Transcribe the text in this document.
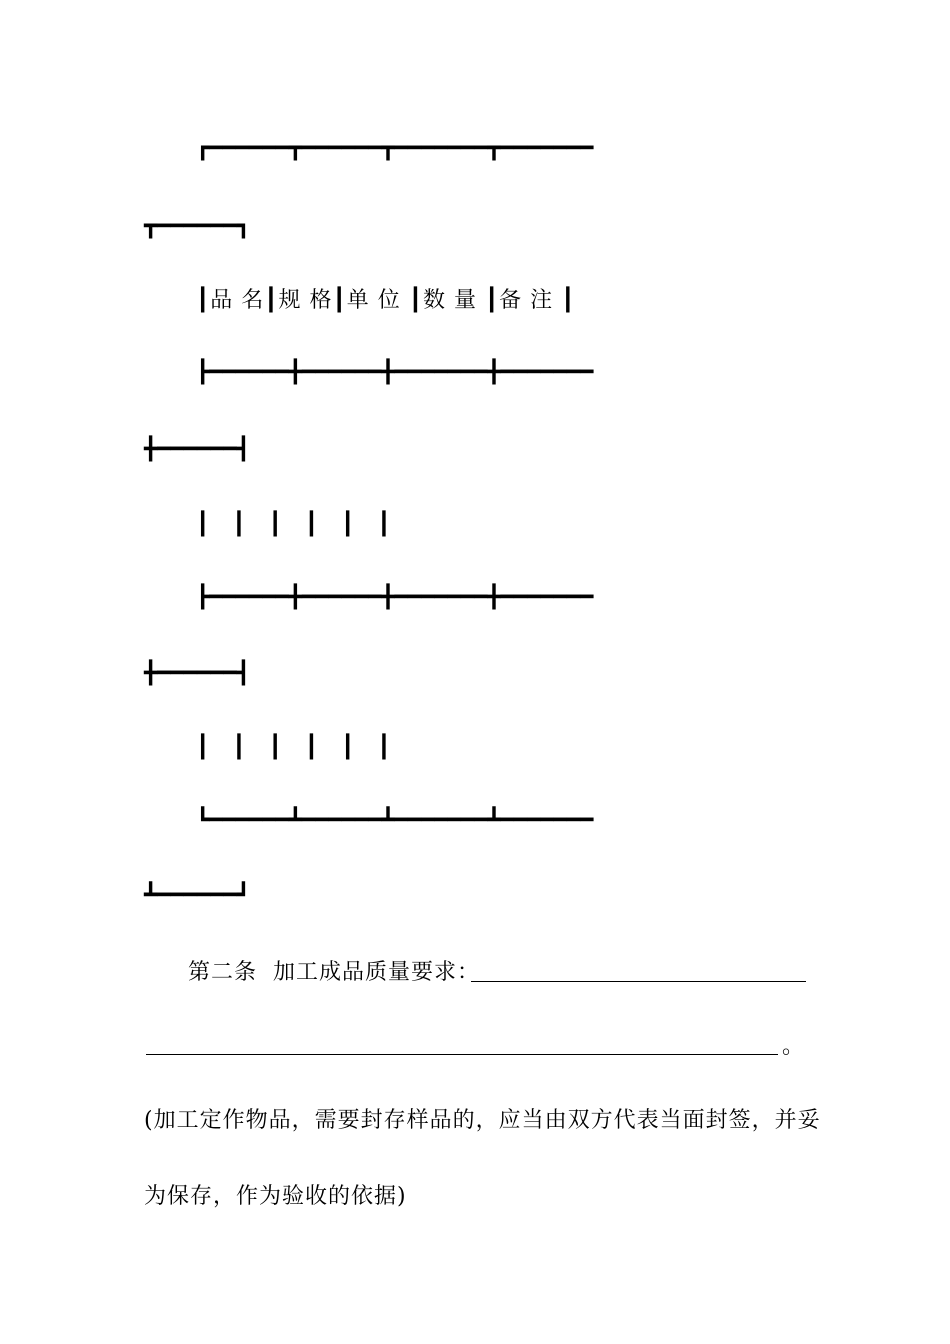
┏━━━━━━┳━━━━━━┳━━━━━━━┳━━━━━━━
┳━━━━━━┓
┃品 名┃规 格┃单 位 ┃数 量 ┃备 注 ┃
┣━━━━━━╋━━━━━━╋━━━━━━━╋━━━━━━━
╋━━━━━━┫
┃ ┃ ┃ ┃ ┃ ┃
┣━━━━━━╋━━━━━━╋━━━━━━━╋━━━━━━━
╋━━━━━━┫
┃ ┃ ┃ ┃ ┃ ┃
┗━━━━━━┻━━━━━━┻━━━━━━━┻━━━━━━━
┻━━━━━━┛
第二条  加工成品质量要求：
。
(加工定作物品，需要封存样品的，应当由双方代表当面封签，并妥
为保存，作为验收的依据)
